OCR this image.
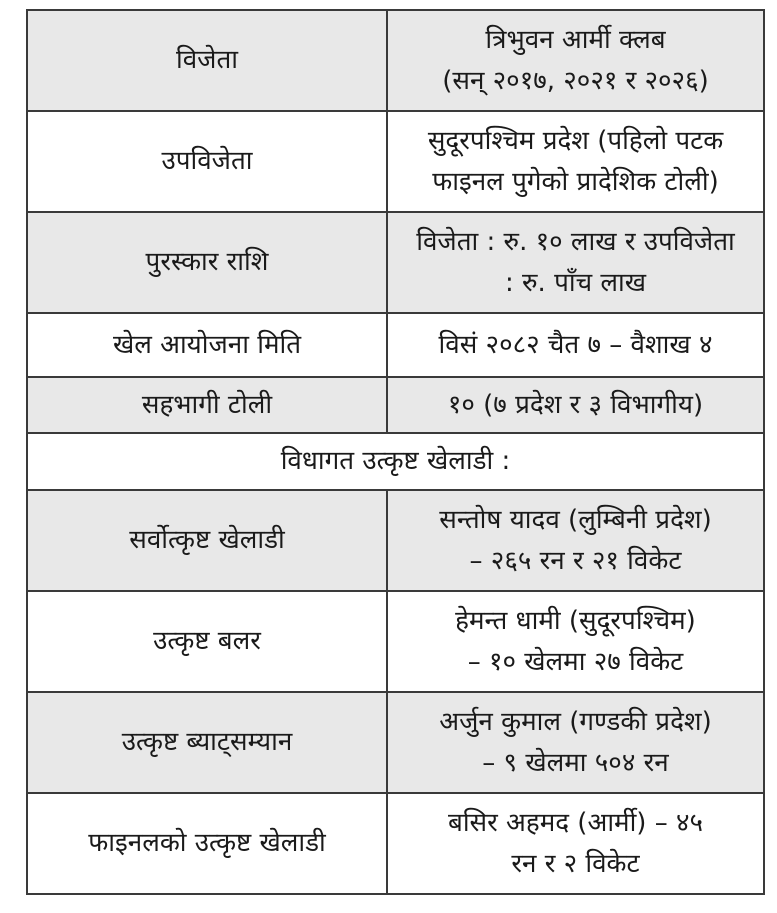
विजेता	त्रिभुवन आर्मी क्लब
(सन् २०१७, २०२१ र २०२६)

उपविजेता	सुदूरपश्चिम प्रदेश (पहिलो पटक
फाइनल पुगेको प्रादेशिक टोली)

पुरस्कार राशि	विजेता : रु. १० लाख र उपविजेता
: रु. पाँच लाख

खेल आयोजना मिति	विसं २०८२ चैत ७ – वैशाख ४

सहभागी टोली	१० (७ प्रदेश र ३ विभागीय)

विधागत उत्कृष्ट खेलाडी :	
सर्वोत्कृष्ट खेलाडी	सन्तोष यादव (लुम्बिनी प्रदेश)
– २६५ रन र २१ विकेट

उत्कृष्ट बलर	हेमन्त धामी (सुदूरपश्चिम)
– १० खेलमा २७ विकेट

उत्कृष्ट ब्याट्सम्यान	अर्जुन कुमाल (गण्डकी प्रदेश)
– ९ खेलमा ५०४ रन

फाइनलको उत्कृष्ट खेलाडी	बसिर अहमद (आर्मी) – ४५
रन र २ विकेट
